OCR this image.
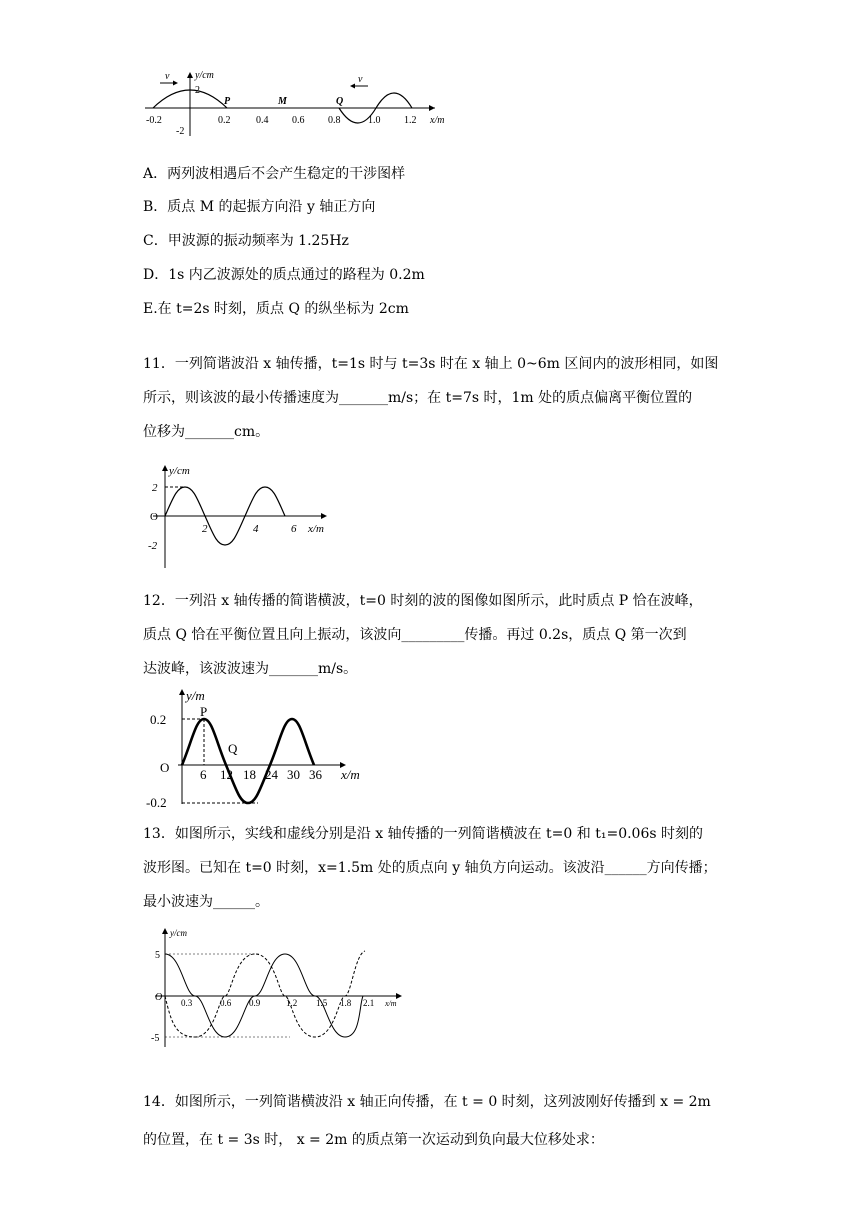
v	v
y/cm
2
-2
P	M	Q
-0.2	0.2	0.4 0.6 0.8	1.0 1.2 x/m
A．两列波相遇后不会产生稳定的干涉图样
B．质点 M 的起振方向沿 y 轴正方向
C．甲波源的振动频率为 1.25Hz
D．1s 内乙波源处的质点通过的路程为 0.2m
E.在 t=2s 时刻，质点 Q 的纵坐标为 2cm
11．一列简谐波沿 x 轴传播，t=1s 时与 t=3s 时在 x 轴上 0~6m 区间内的波形相同，如图
所示，则该波的最小传播速度为_______m/s；在 t=7s 时，1m 处的质点偏离平衡位置的
位移为_______cm。
y/cm
2
O
-2
2	4	6 x/m
12．一列沿 x 轴传播的简谐横波，t=0 时刻的波的图像如图所示，此时质点 P 恰在波峰，
质点 Q 恰在平衡位置且向上振动，该波向_________传播。再过 0.2s，质点 Q 第一次到
达波峰，该波波速为_______m/s。
y/m
P
Q
0.2
O
-0.2
6 12 18 24 30 36 x/m
13．如图所示，实线和虚线分别是沿 x 轴传播的一列简谐横波在 t=0 和 t₁=0.06s 时刻的
波形图。已知在 t=0 时刻，x=1.5m 处的质点向 y 轴负方向运动。该波沿______方向传播；
最小波速为______。
y/cm
5
O
-5
0.3	0.6 0.9	1.2 1.5 1.8 2.1 x/m
14．如图所示，一列简谐横波沿 x 轴正向传播，在 t = 0 时刻，这列波刚好传播到 x = 2m
的位置，在 t = 3s 时， x = 2m 的质点第一次运动到负向最大位移处求：
